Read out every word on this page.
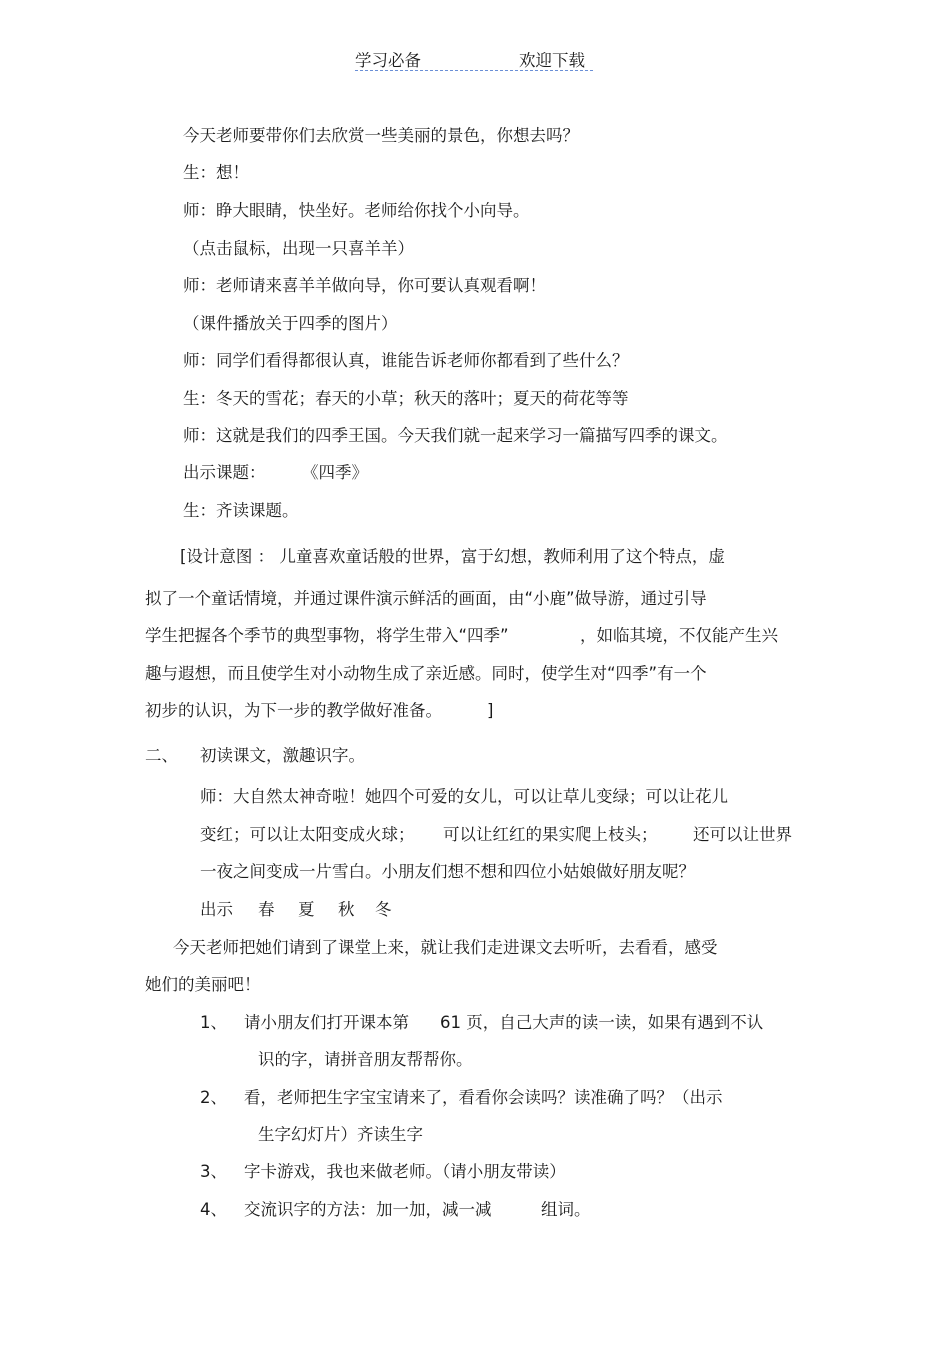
学习必备	欢迎下载
今天老师要带你们去欣赏一些美丽的景色，你想去吗？
生：想！
师：睁大眼睛，快坐好。老师给你找个小向导。
（点击鼠标，出现一只喜羊羊）
师：老师请来喜羊羊做向导，你可要认真观看啊！
（课件播放关于四季的图片）
师：同学们看得都很认真，谁能告诉老师你都看到了些什么？
生：冬天的雪花；春天的小草；秋天的落叶；夏天的荷花等等
师：这就是我们的四季王国。今天我们就一起来学习一篇描写四季的课文。
出示课题： 《四季》
生：齐读课题。
[设计意图 ： 儿童喜欢童话般的世界，富于幻想，教师利用了这个特点，虚
拟了一个童话情境，并通过课件演示鲜活的画面，由“小鹿”做导游，通过引导
学生把握各个季节的典型事物，将学生带入“四季”	，如临其境，不仅能产生兴
趣与遐想，而且使学生对小动物生成了亲近感。同时，使学生对“四季”有一个
初步的认识，为下一步的教学做好准备。	]
二、 初读课文，激趣识字。
师：大自然太神奇啦！她四个可爱的女儿，可以让草儿变绿；可以让花儿
变红；可以让太阳变成火球； 可以让红红的果实爬上枝头； 还可以让世界
一夜之间变成一片雪白。小朋友们想不想和四位小姑娘做好朋友呢？
出示 春 夏 秋 冬
今天老师把她们请到了课堂上来，就让我们走进课文去听听，去看看，感受
她们的美丽吧！
1、 请小朋友们打开课本第 61 页，自己大声的读一读，如果有遇到不认
识的字，请拼音朋友帮帮你。
2、 看，老师把生字宝宝请来了，看看你会读吗？读准确了吗？（出示
生字幻灯片）齐读生字
3、 字卡游戏，我也来做老师。（请小朋友带读）
4、 交流识字的方法：加一加，减一减	组词。
